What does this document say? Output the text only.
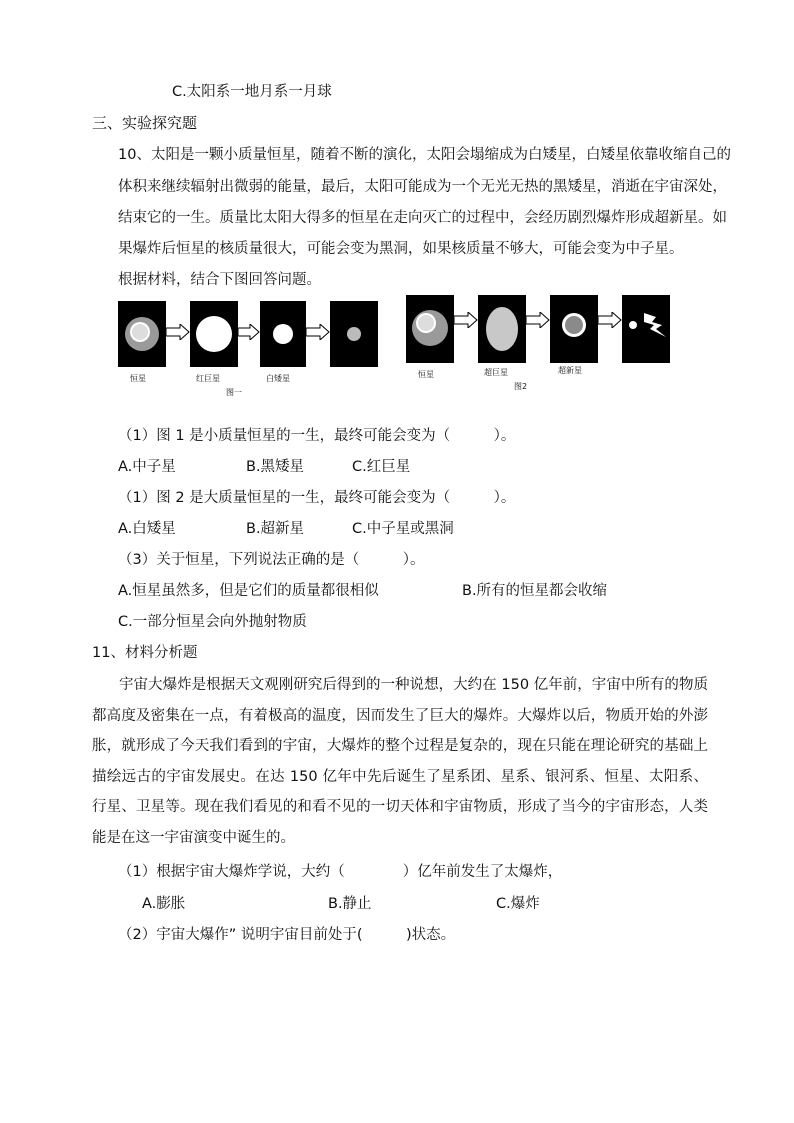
C.太阳系一地月系一月球
三、实验探究题
10、太阳是一颗小质量恒星，随着不断的演化，太阳会塌缩成为白矮星，白矮星依靠收缩自己的
体积来继续辐射出微弱的能量，最后，太阳可能成为一个无光无热的黑矮星，消逝在宇宙深处，
结束它的一生。质量比太阳大得多的恒星在走向灭亡的过程中，会经历剧烈爆炸形成超新星。如
果爆炸后恒星的核质量很大，可能会变为黑洞，如果核质量不够大，可能会变为中子星。
根据材料，结合下图回答问题。
恒星	红巨星	白矮星
图一
恒星	超巨星	超新星
图2
（1）图 1 是小质量恒星的一生，最终可能会变为（　　　）。
A.中子星	B.黑矮星	C.红巨星
（1）图 2 是大质量恒星的一生，最终可能会变为（　　　）。
A.白矮星	B.超新星	C.中子星或黑洞
（3）关于恒星，下列说法正确的是（　　　）。
A.恒星虽然多，但是它们的质量都很相似	B.所有的恒星都会收缩
C.一部分恒星会向外抛射物质
11、材料分析题
宇宙大爆炸是根据天文观刚研究后得到的一种说想，大约在 150 亿年前，宇宙中所有的物质都高度及密集在一点，有着极高的温度，因而发生了巨大的爆炸。大爆炸以后，物质开始的外澎胀，就形成了今天我们看到的宇宙，大爆炸的整个过程是复杂的，现在只能在理论研究的基础上描绘远古的宇宙发展史。在达 150 亿年中先后诞生了星系团、星系、银河系、恒星、太阳系、行星、卫星等。现在我们看见的和看不见的一切天体和宇宙物质，形成了当今的宇宙形态，人类能是在这一宇宙演变中诞生的。
（1）根据宇宙大爆炸学说，大约（　　　　）亿年前发生了太爆炸，
A.膨胀	B.静止	C.爆炸
（2）宇宙大爆作” 说明宇宙目前处于(　　　)状态。
